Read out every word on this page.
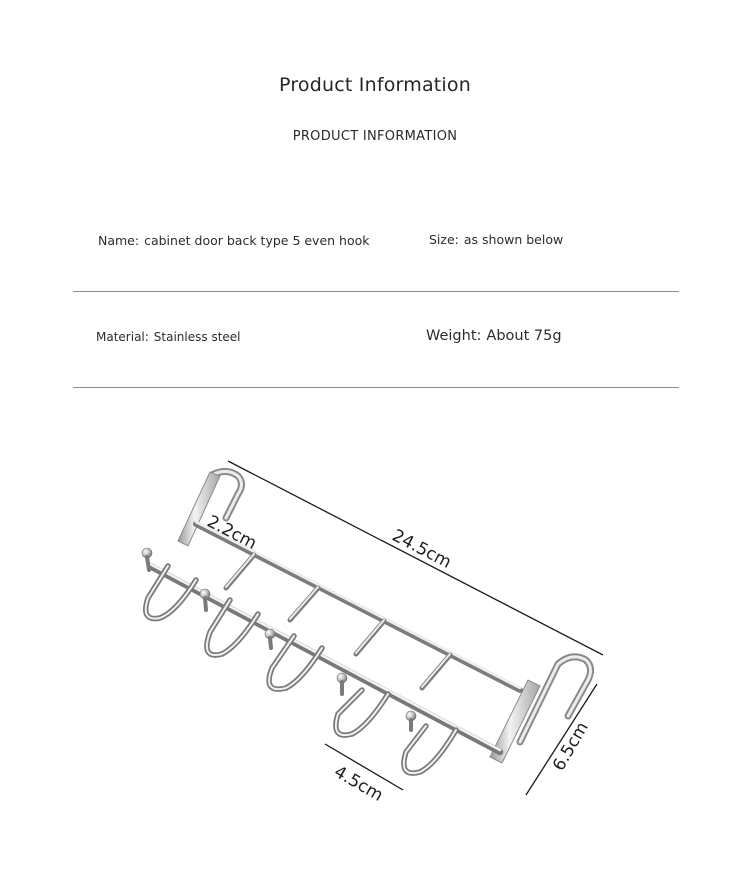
Product Information
PRODUCT INFORMATION
Name: cabinet door back type 5 even hook	Size: as shown below
Material: Stainless steel	Weight: About 75g
24.5cm
2.2cm
4.5cm
6.5cm
